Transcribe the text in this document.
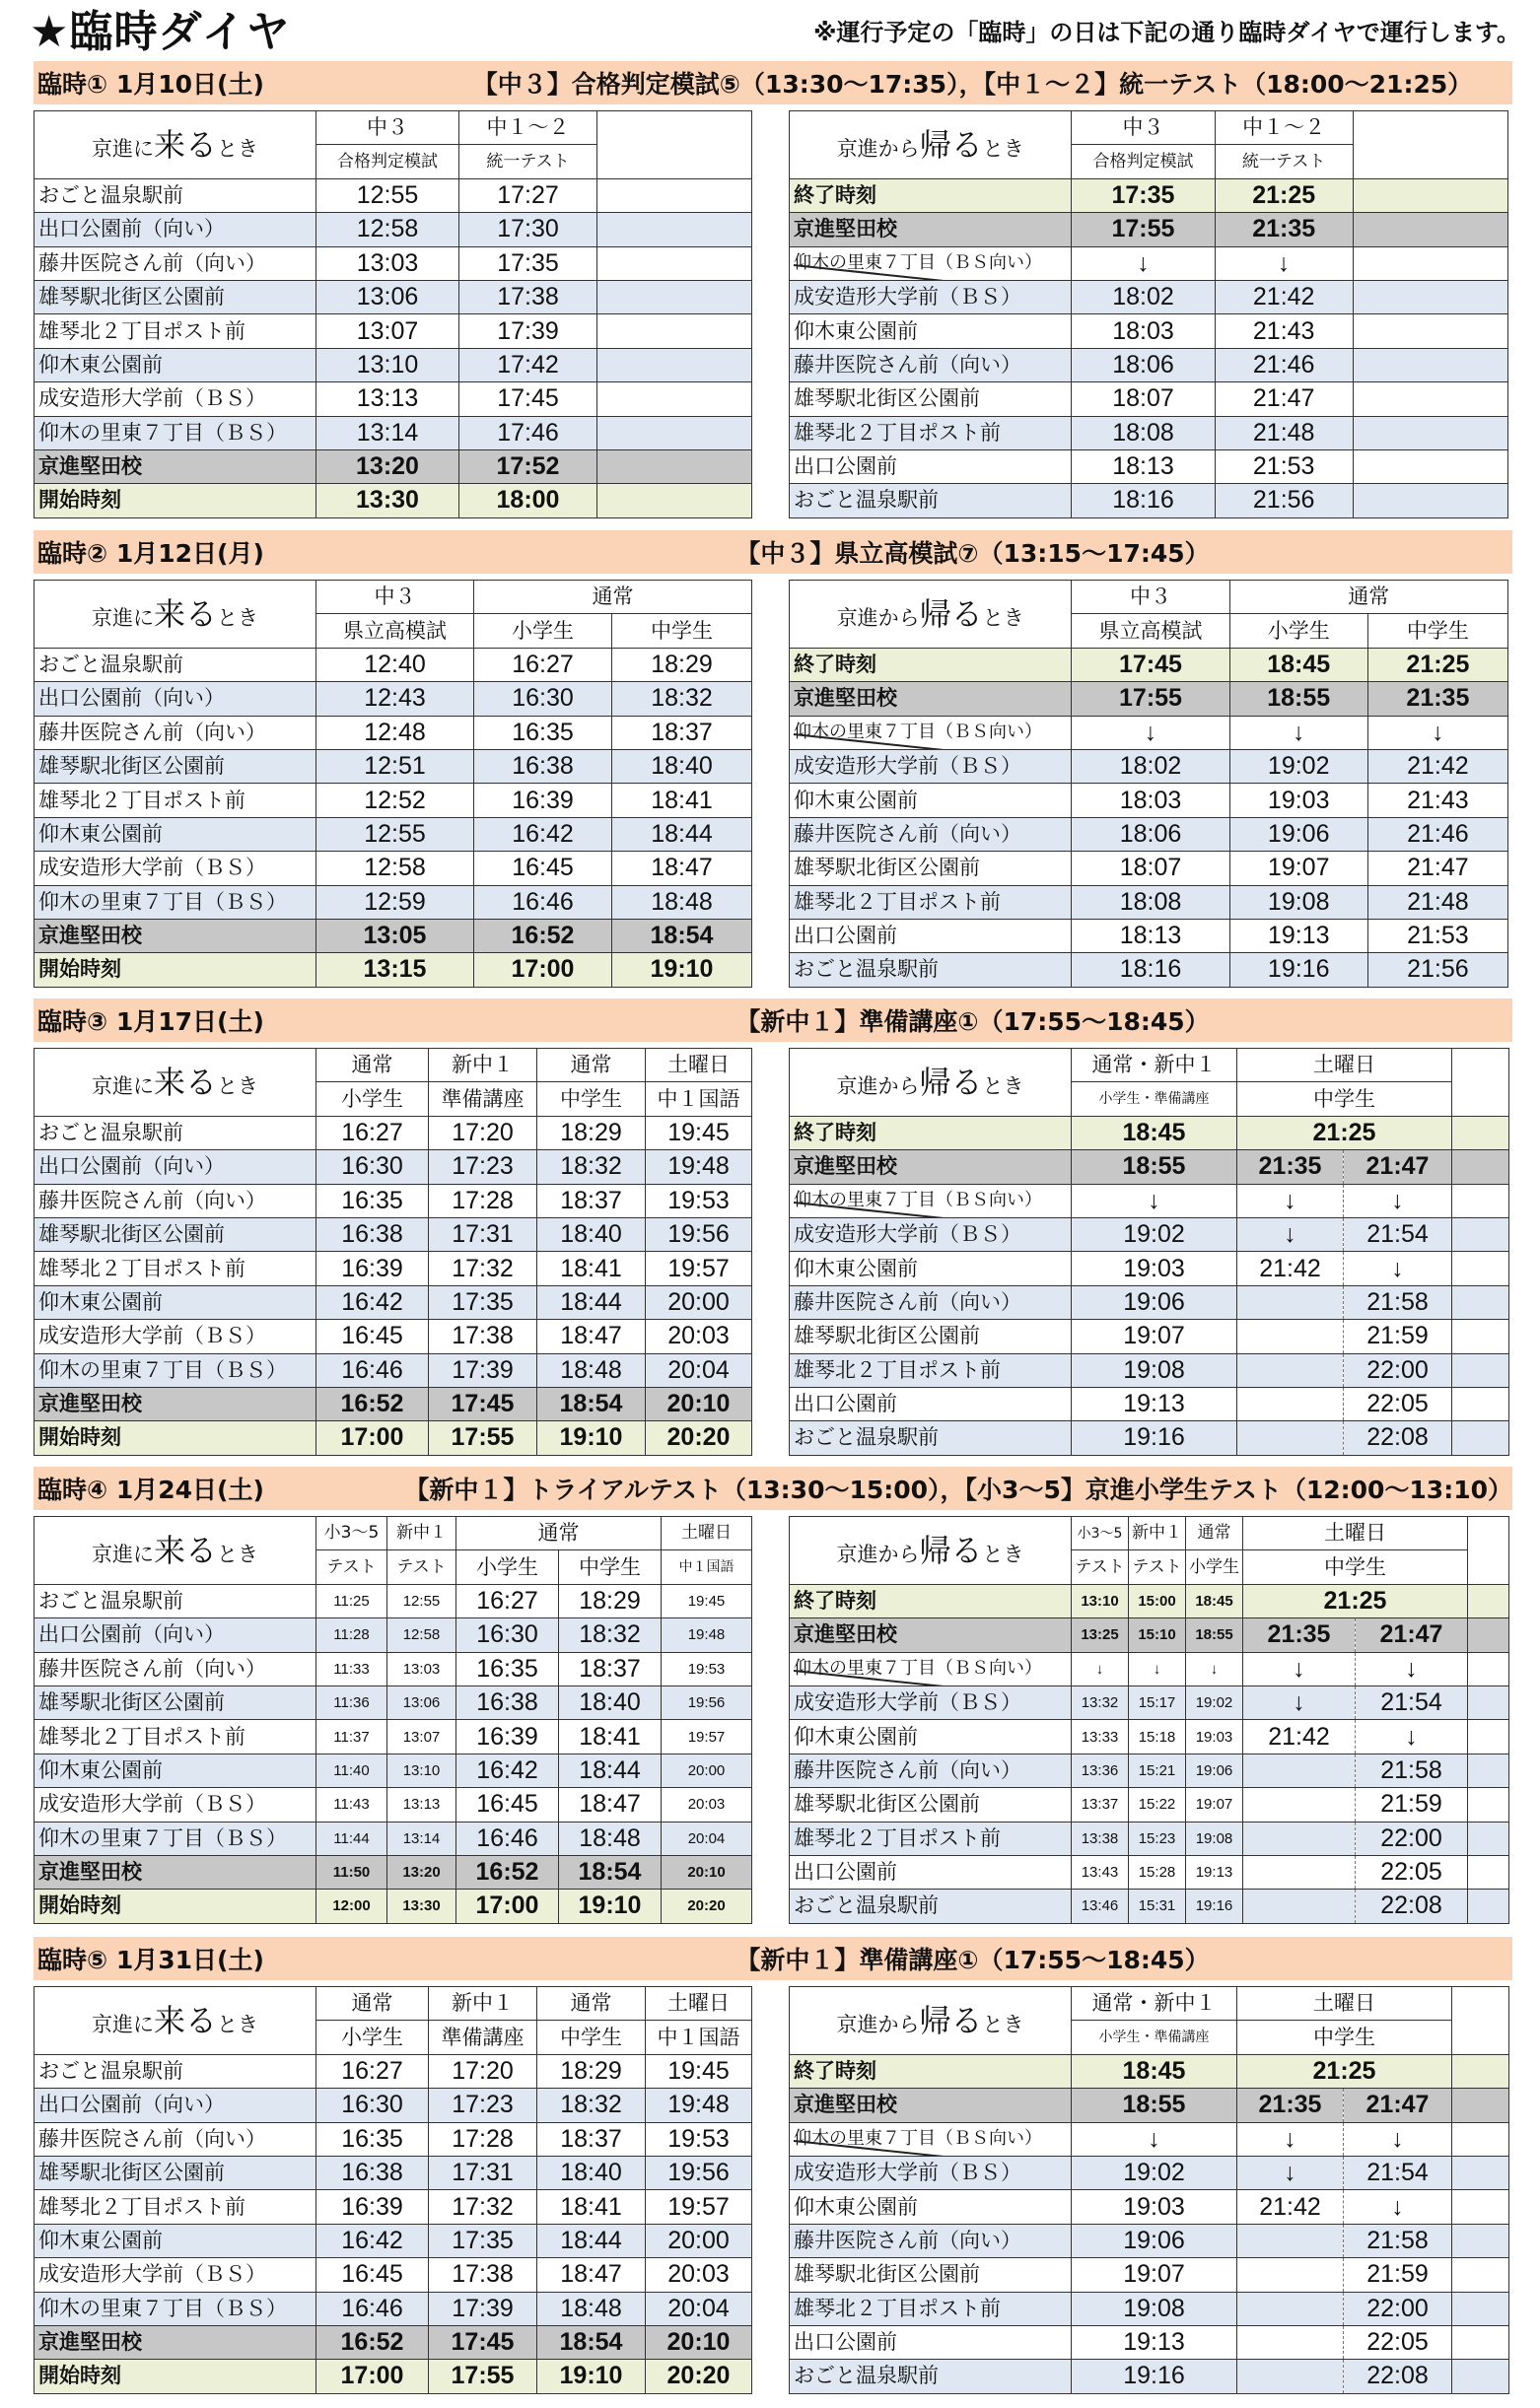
★臨時ダイヤ	※運行予定の「臨時」の日は下記の通り臨時ダイヤで運行します。
臨時① 1月10日(土)	【中３】合格判定模試⑤（13:30〜17:35），【中１〜２】統一テスト（18:00〜21:25）
京進に来るとき	中３	中１〜２	
	合格判定模試	統一テスト	
おごと温泉駅前	12:55	17:27	
出口公園前（向い）	12:58	17:30	
藤井医院さん前（向い）	13:03	17:35	
雄琴駅北街区公園前	13:06	17:38	
雄琴北２丁目ポスト前	13:07	17:39	
仰木東公園前	13:10	17:42	
成安造形大学前（ＢＳ）	13:13	17:45	
仰木の里東７丁目（ＢＳ）	13:14	17:46	
京進堅田校	13:20	17:52	
開始時刻	13:30	18:00	
京進から帰るとき	中３	中１〜２	
	合格判定模試	統一テスト	
終了時刻	17:35	21:25	
京進堅田校	17:55	21:35	
仰木の里東７丁目（ＢＳ向い）	↓	↓	
成安造形大学前（ＢＳ）	18:02	21:42	
仰木東公園前	18:03	21:43	
藤井医院さん前（向い）	18:06	21:46	
雄琴駅北街区公園前	18:07	21:47	
雄琴北２丁目ポスト前	18:08	21:48	
出口公園前	18:13	21:53	
おごと温泉駅前	18:16	21:56	
臨時② 1月12日(月)	【中３】県立高模試⑦（13:15〜17:45）
京進に来るとき	中３	通常	
	県立高模試	小学生	中学生
おごと温泉駅前	12:40	16:27	18:29
出口公園前（向い）	12:43	16:30	18:32
藤井医院さん前（向い）	12:48	16:35	18:37
雄琴駅北街区公園前	12:51	16:38	18:40
雄琴北２丁目ポスト前	12:52	16:39	18:41
仰木東公園前	12:55	16:42	18:44
成安造形大学前（ＢＳ）	12:58	16:45	18:47
仰木の里東７丁目（ＢＳ）	12:59	16:46	18:48
京進堅田校	13:05	16:52	18:54
開始時刻	13:15	17:00	19:10
京進から帰るとき	中３	通常	
	県立高模試	小学生	中学生
終了時刻	17:45	18:45	21:25
京進堅田校	17:55	18:55	21:35
仰木の里東７丁目（ＢＳ向い）	↓	↓	↓
成安造形大学前（ＢＳ）	18:02	19:02	21:42
仰木東公園前	18:03	19:03	21:43
藤井医院さん前（向い）	18:06	19:06	21:46
雄琴駅北街区公園前	18:07	19:07	21:47
雄琴北２丁目ポスト前	18:08	19:08	21:48
出口公園前	18:13	19:13	21:53
おごと温泉駅前	18:16	19:16	21:56
臨時③ 1月17日(土)	【新中１】準備講座①（17:55〜18:45）
京進に来るとき	通常	新中１	通常	土曜日
	小学生	準備講座	中学生	中１国語
おごと温泉駅前	16:27	17:20	18:29	19:45
出口公園前（向い）	16:30	17:23	18:32	19:48
藤井医院さん前（向い）	16:35	17:28	18:37	19:53
雄琴駅北街区公園前	16:38	17:31	18:40	19:56
雄琴北２丁目ポスト前	16:39	17:32	18:41	19:57
仰木東公園前	16:42	17:35	18:44	20:00
成安造形大学前（ＢＳ）	16:45	17:38	18:47	20:03
仰木の里東７丁目（ＢＳ）	16:46	17:39	18:48	20:04
京進堅田校	16:52	17:45	18:54	20:10
開始時刻	17:00	17:55	19:10	20:20
京進から帰るとき	通常・新中１	土曜日		
	小学生・準備講座	中学生		
終了時刻	18:45	21:25		
京進堅田校	18:55	21:35	21:47	
仰木の里東７丁目（ＢＳ向い）	↓	↓	↓	
成安造形大学前（ＢＳ）	19:02	↓	21:54	
仰木東公園前	19:03	21:42	↓	
藤井医院さん前（向い）	19:06		21:58	
雄琴駅北街区公園前	19:07		21:59	
雄琴北２丁目ポスト前	19:08		22:00	
出口公園前	19:13		22:05	
おごと温泉駅前	19:16		22:08	
臨時④ 1月24日(土)	【新中１】トライアルテスト（13:30〜15:00），【小3〜5】京進小学生テスト（12:00〜13:10）
京進に来るとき	小3〜5	新中１	通常		土曜日
	テスト	テスト	小学生	中学生	中１国語
おごと温泉駅前	11:25	12:55	16:27	18:29	19:45
出口公園前（向い）	11:28	12:58	16:30	18:32	19:48
藤井医院さん前（向い）	11:33	13:03	16:35	18:37	19:53
雄琴駅北街区公園前	11:36	13:06	16:38	18:40	19:56
雄琴北２丁目ポスト前	11:37	13:07	16:39	18:41	19:57
仰木東公園前	11:40	13:10	16:42	18:44	20:00
成安造形大学前（ＢＳ）	11:43	13:13	16:45	18:47	20:03
仰木の里東７丁目（ＢＳ）	11:44	13:14	16:46	18:48	20:04
京進堅田校	11:50	13:20	16:52	18:54	20:10
開始時刻	12:00	13:30	17:00	19:10	20:20
京進から帰るとき	小3〜5	新中１	通常	土曜日		
	テスト	テスト	小学生	中学生		
終了時刻	13:10	15:00	18:45	21:25		
京進堅田校	13:25	15:10	18:55	21:35	21:47	
仰木の里東７丁目（ＢＳ向い）	↓	↓	↓	↓	↓	
成安造形大学前（ＢＳ）	13:32	15:17	19:02	↓	21:54	
仰木東公園前	13:33	15:18	19:03	21:42	↓	
藤井医院さん前（向い）	13:36	15:21	19:06		21:58	
雄琴駅北街区公園前	13:37	15:22	19:07		21:59	
雄琴北２丁目ポスト前	13:38	15:23	19:08		22:00	
出口公園前	13:43	15:28	19:13		22:05	
おごと温泉駅前	13:46	15:31	19:16		22:08	
臨時⑤ 1月31日(土)	【新中１】準備講座①（17:55〜18:45）
京進に来るとき	通常	新中１	通常	土曜日
	小学生	準備講座	中学生	中１国語
おごと温泉駅前	16:27	17:20	18:29	19:45
出口公園前（向い）	16:30	17:23	18:32	19:48
藤井医院さん前（向い）	16:35	17:28	18:37	19:53
雄琴駅北街区公園前	16:38	17:31	18:40	19:56
雄琴北２丁目ポスト前	16:39	17:32	18:41	19:57
仰木東公園前	16:42	17:35	18:44	20:00
成安造形大学前（ＢＳ）	16:45	17:38	18:47	20:03
仰木の里東７丁目（ＢＳ）	16:46	17:39	18:48	20:04
京進堅田校	16:52	17:45	18:54	20:10
開始時刻	17:00	17:55	19:10	20:20
京進から帰るとき	通常・新中１	土曜日		
	小学生・準備講座	中学生		
終了時刻	18:45	21:25		
京進堅田校	18:55	21:35	21:47	
仰木の里東７丁目（ＢＳ向い）	↓	↓	↓	
成安造形大学前（ＢＳ）	19:02	↓	21:54	
仰木東公園前	19:03	21:42	↓	
藤井医院さん前（向い）	19:06		21:58	
雄琴駅北街区公園前	19:07		21:59	
雄琴北２丁目ポスト前	19:08		22:00	
出口公園前	19:13		22:05	
おごと温泉駅前	19:16		22:08	
